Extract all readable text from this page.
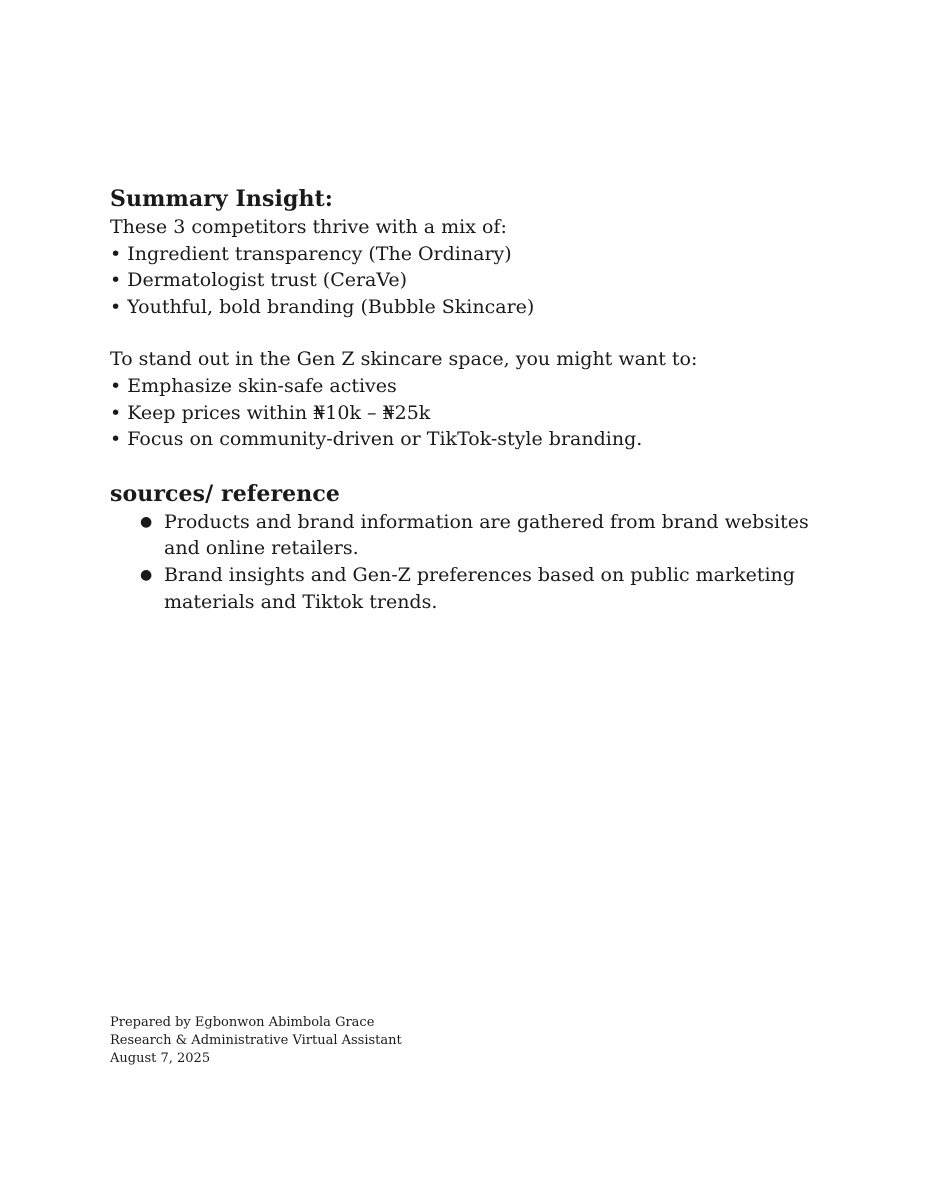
Summary Insight:

These 3 competitors thrive with a mix of:

• Ingredient transparency (The Ordinary)

• Dermatologist trust (CeraVe)

• Youthful, bold branding (Bubble Skincare)

To stand out in the Gen Z skincare space, you might want to:

• Emphasize skin-safe actives

• Keep prices within ₦10k – ₦25k

• Focus on community-driven or TikTok-style branding.

sources/ reference
● Products and brand information are gathered from brand websites and online retailers.
● Brand insights and Gen-Z preferences based on public marketing materials and Tiktok trends.

Prepared by Egbonwon Abimbola Grace

Research & Administrative Virtual Assistant

August 7, 2025
